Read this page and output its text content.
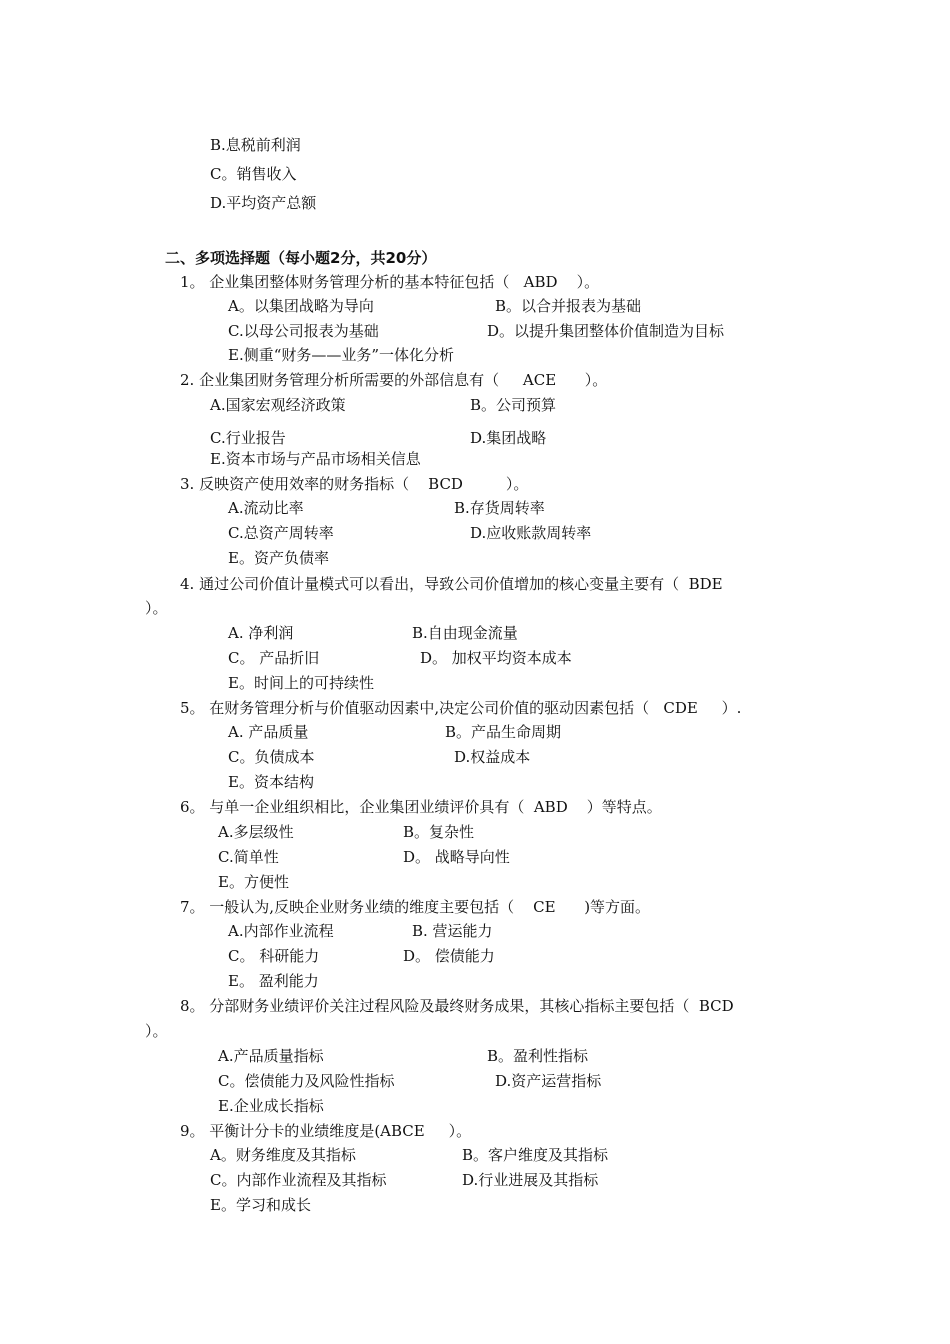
B.息税前利润
C。销售收入
D.平均资产总额
二、多项选择题（每小题2分，共20分）
1。 企业集团整体财务管理分析的基本特征包括（   ABD    ）。
A。以集团战略为导向	B。以合并报表为基础
C.以母公司报表为基础	D。以提升集团整体价值制造为目标
E.侧重“财务——业务”一体化分析
2. 企业集团财务管理分析所需要的外部信息有（     ACE      ）。
A.国家宏观经济政策	B。公司预算
C.行业报告	D.集团战略
E.资本市场与产品市场相关信息
3. 反映资产使用效率的财务指标（    BCD         ）。
A.流动比率	B.存货周转率
C.总资产周转率	D.应收账款周转率
E。资产负债率
4. 通过公司价值计量模式可以看出，导致公司价值增加的核心变量主要有（  BDE
）。
A. 净利润	B.自由现金流量
C。 产品折旧	D。 加权平均资本成本
E。时间上的可持续性
5。 在财务管理分析与价值驱动因素中,决定公司价值的驱动因素包括（   CDE     ）.
A. 产品质量	B。产品生命周期
C。负债成本	D.权益成本
E。资本结构
6。 与单一企业组织相比，企业集团业绩评价具有（  ABD    ）等特点。
A.多层级性	B。复杂性
C.简单性	D。 战略导向性
E。方便性
7。 一般认为,反映企业财务业绩的维度主要包括（    CE      )等方面。
A.内部作业流程	B. 营运能力
C。 科研能力	D。 偿债能力
E。 盈利能力
8。 分部财务业绩评价关注过程风险及最终财务成果，其核心指标主要包括（  BCD
）。
A.产品质量指标	B。盈利性指标
C。偿债能力及风险性指标	D.资产运营指标
E.企业成长指标
9。 平衡计分卡的业绩维度是(ABCE     ）。
A。财务维度及其指标	B。客户维度及其指标
C。内部作业流程及其指标	D.行业进展及其指标
E。学习和成长
